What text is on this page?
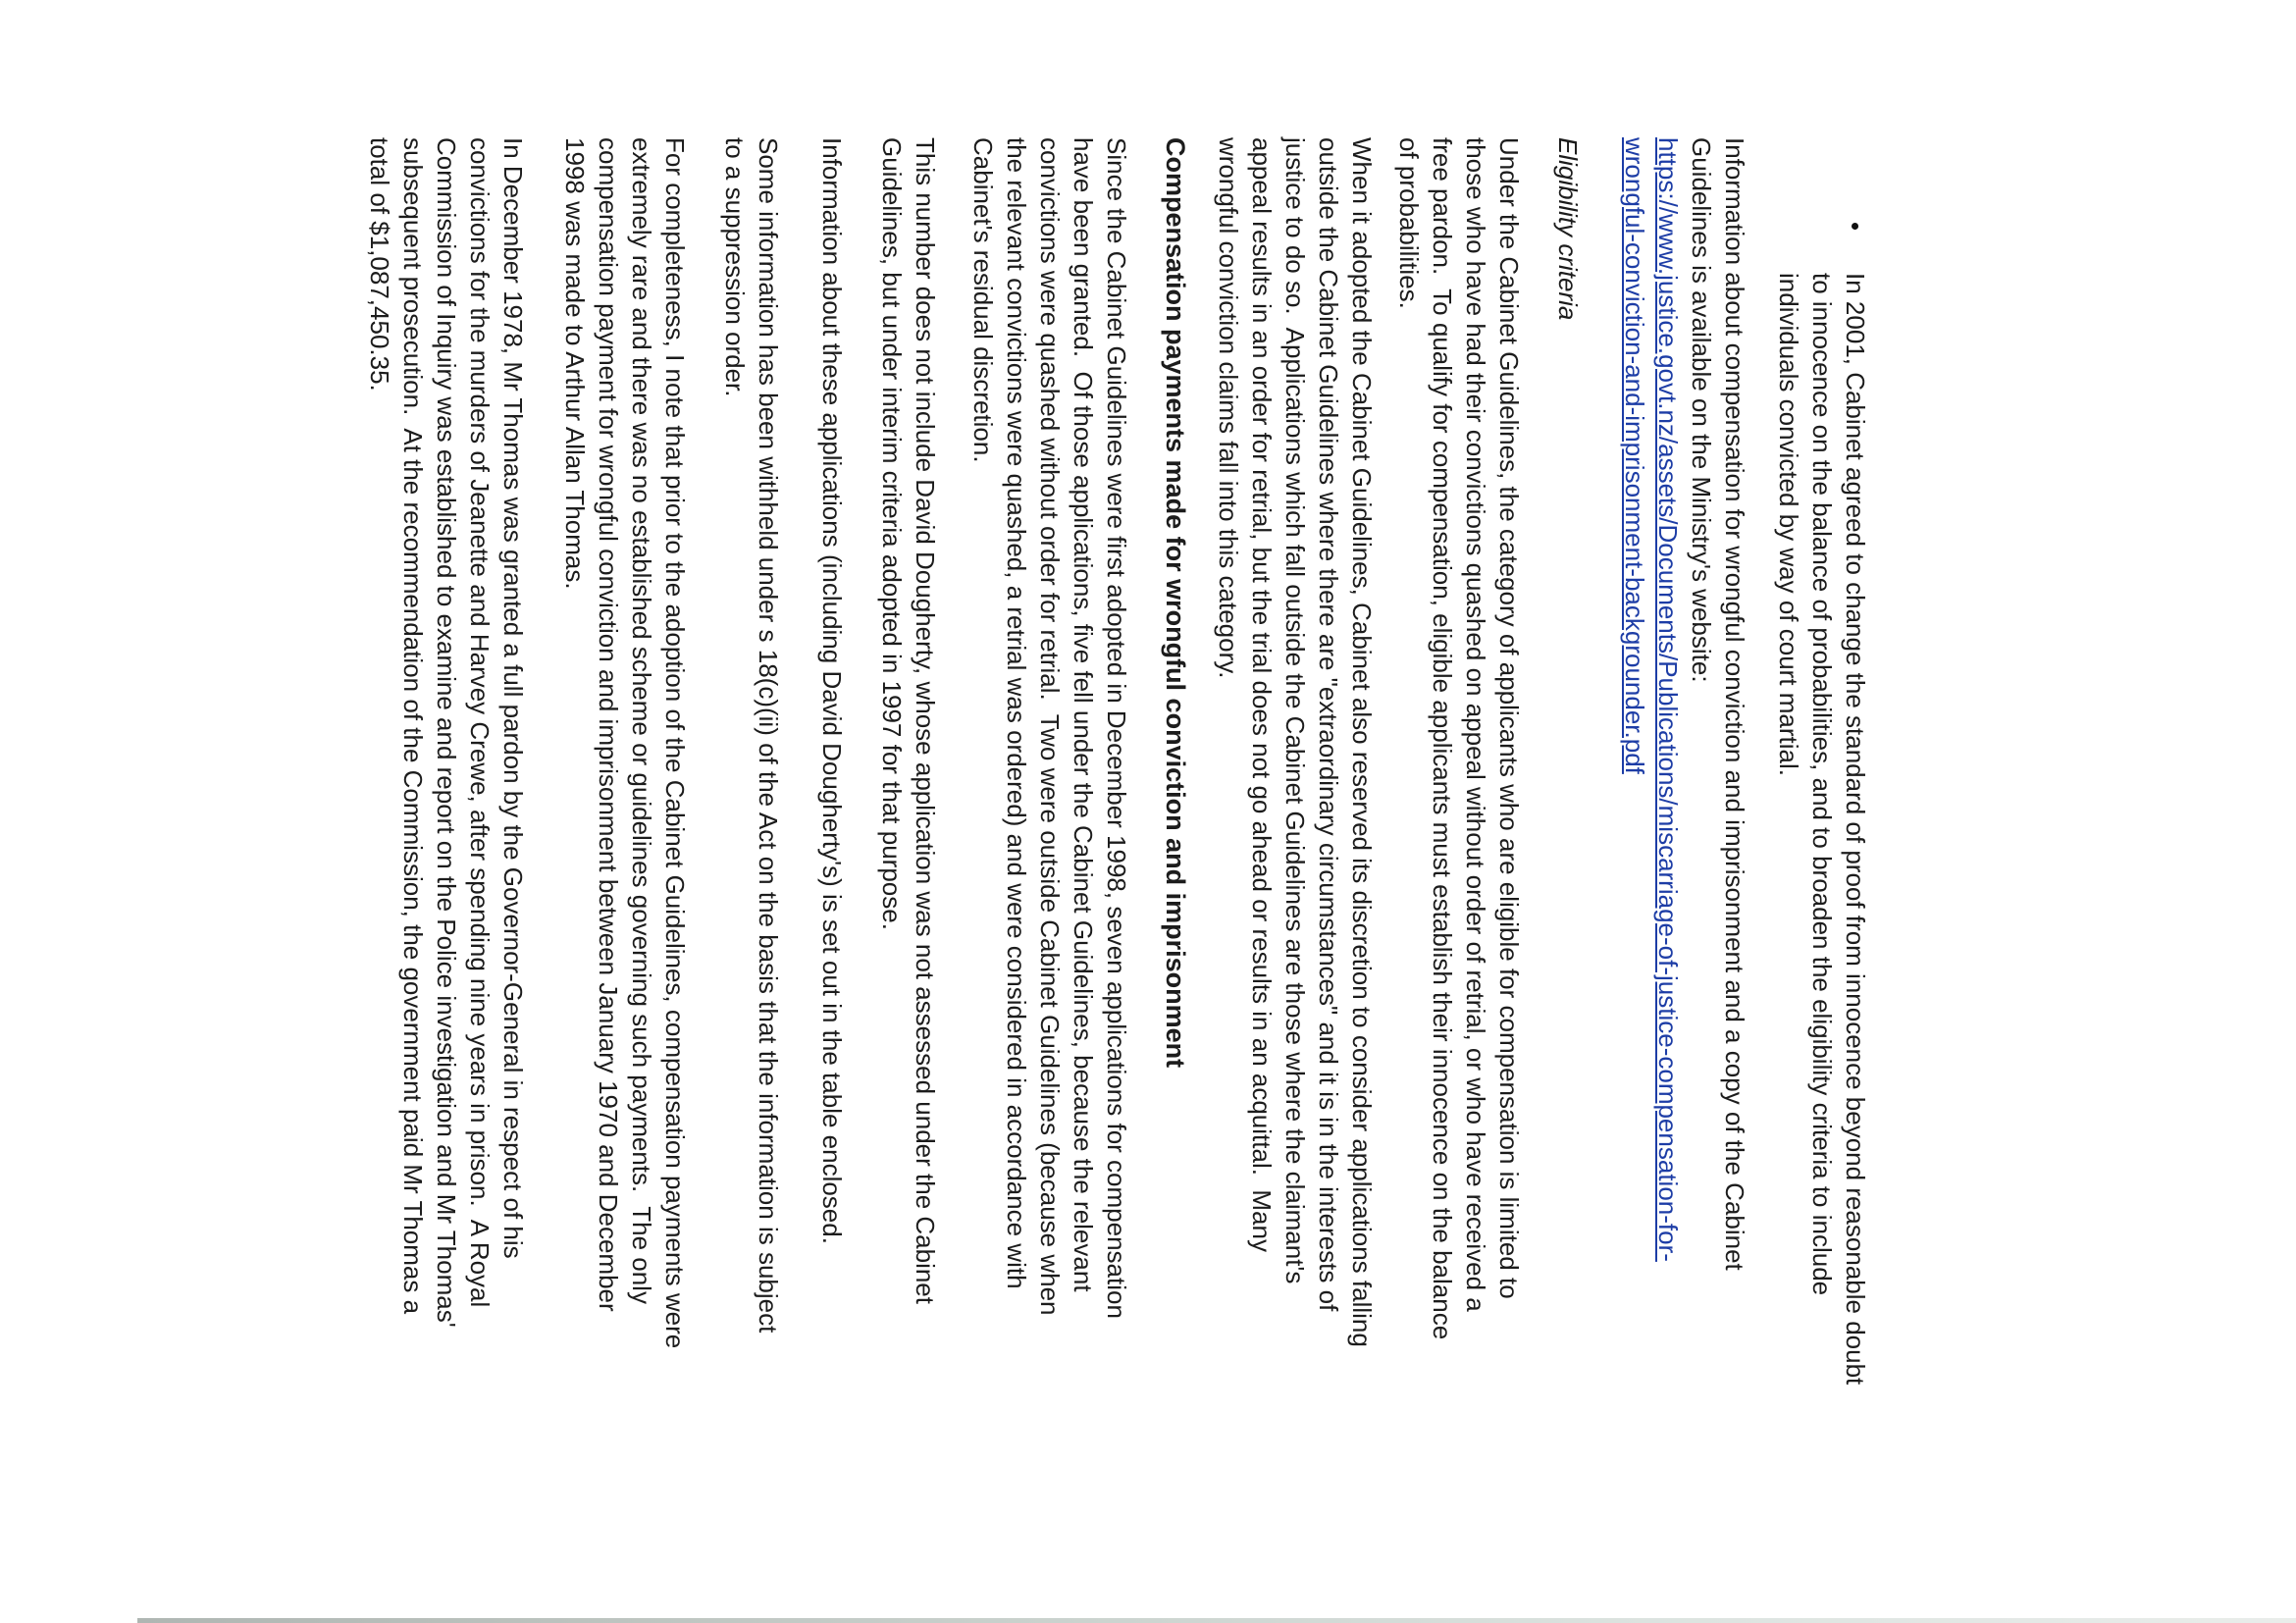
•
In 2001, Cabinet agreed to change the standard of proof from innocence beyond reasonable doubt
to innocence on the balance of probabilities, and to broaden the eligibility criteria to include
individuals convicted by way of court martial.
Information about compensation for wrongful conviction and imprisonment and a copy of the Cabinet
Guidelines is available on the Ministry's website:
https://www.justice.govt.nz/assets/Documents/Publications/miscarriage-of-justice-compensation-for-
wrongful-conviction-and-imprisonment-backgrounder.pdf
Eligibility criteria
Under the Cabinet Guidelines, the category of applicants who are eligible for compensation is limited to
those who have had their convictions quashed on appeal without order of retrial, or who have received a
free pardon.  To qualify for compensation, eligible applicants must establish their innocence on the balance
of probabilities.
When it adopted the Cabinet Guidelines, Cabinet also reserved its discretion to consider applications falling
outside the Cabinet Guidelines where there are "extraordinary circumstances" and it is in the interests of
justice to do so.  Applications which fall outside the Cabinet Guidelines are those where the claimant's
appeal results in an order for retrial, but the trial does not go ahead or results in an acquittal.  Many
wrongful conviction claims fall into this category.
Compensation payments made for wrongful conviction and imprisonment
Since the Cabinet Guidelines were first adopted in December 1998, seven applications for compensation
have been granted.  Of those applications, five fell under the Cabinet Guidelines, because the relevant
convictions were quashed without order for retrial.  Two were outside Cabinet Guidelines (because when
the relevant convictions were quashed, a retrial was ordered) and were considered in accordance with
Cabinet's residual discretion.
This number does not include David Dougherty, whose application was not assessed under the Cabinet
Guidelines, but under interim criteria adopted in 1997 for that purpose.
Information about these applications (including David Dougherty's) is set out in the table enclosed.
Some information has been withheld under s 18(c)(ii) of the Act on the basis that the information is subject
to a suppression order.
For completeness, I note that prior to the adoption of the Cabinet Guidelines, compensation payments were
extremely rare and there was no established scheme or guidelines governing such payments.  The only
compensation payment for wrongful conviction and imprisonment between January 1970 and December
1998 was made to Arthur Allan Thomas.
In December 1978, Mr Thomas was granted a full pardon by the Governor-General in respect of his
convictions for the murders of Jeanette and Harvey Crewe, after spending nine years in prison.  A Royal
Commission of Inquiry was established to examine and report on the Police investigation and Mr Thomas'
subsequent prosecution.  At the recommendation of the Commission, the government paid Mr Thomas a
total of $1,087,450.35.
